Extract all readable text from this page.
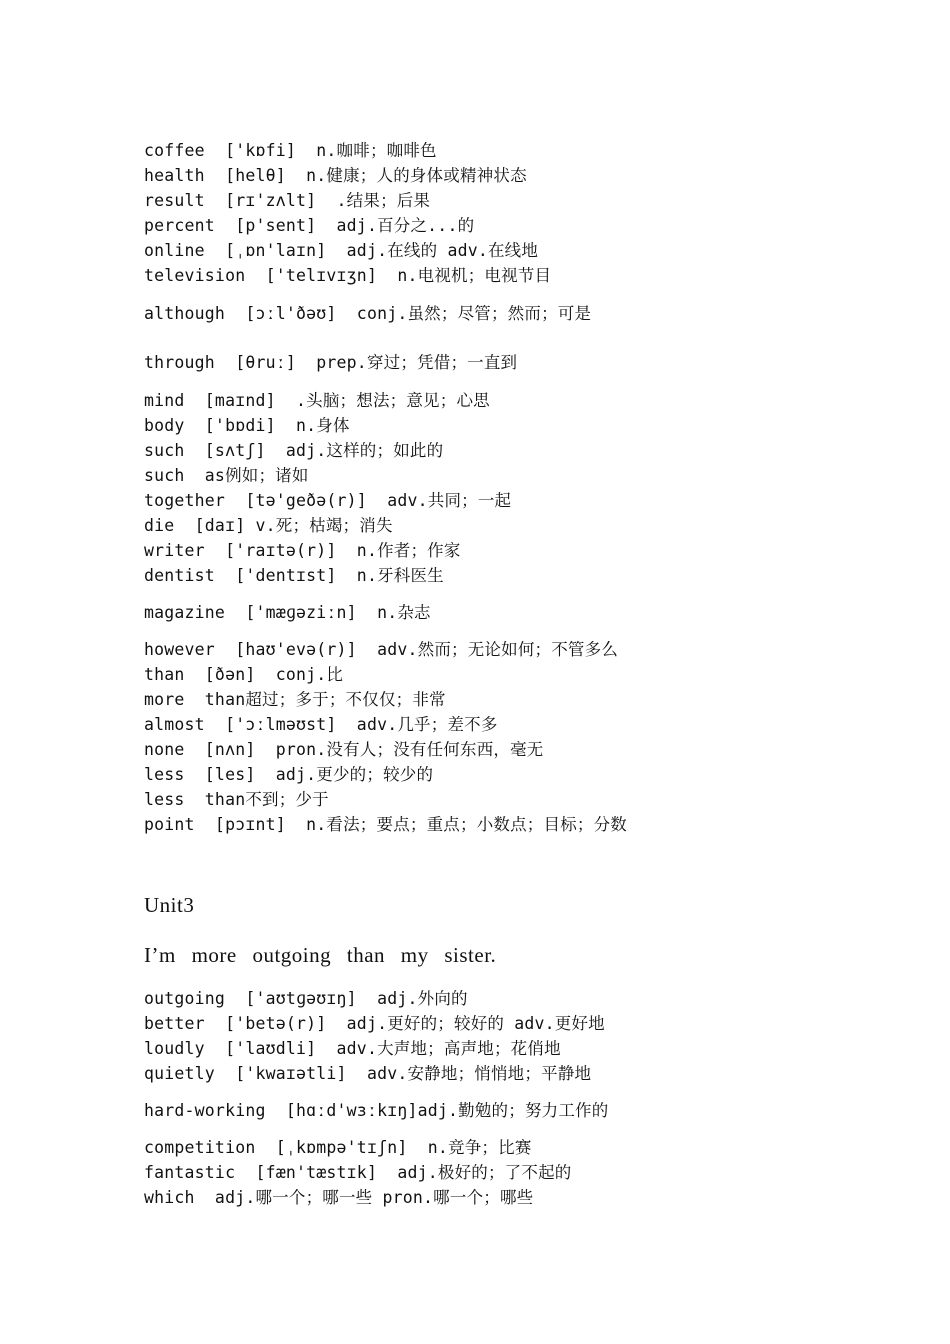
coffee  ['kɒfi]  n.咖啡；咖啡色
health  [helθ]  n.健康；人的身体或精神状态
result  [rɪ'zʌlt]  .结果；后果
percent  [p'sent]  adj.百分之...的
online  [ˌɒn'laɪn]  adj.在线的 adv.在线地
television  ['telɪvɪʒn]  n.电视机；电视节目
although  [ɔːl'ðəʊ]  conj.虽然；尽管；然而；可是
through  [θruː]  prep.穿过；凭借；一直到
mind  [maɪnd]  .头脑；想法；意见；心思
body  ['bɒdi]  n.身体
such  [sʌtʃ]  adj.这样的；如此的
such  as例如；诸如
together  [tə'geðə(r)]  adv.共同；一起
die  [daɪ] v.死；枯竭；消失
writer  ['raɪtə(r)]  n.作者；作家
dentist  ['dentɪst]  n.牙科医生
magazine  ['mæɡəziːn]  n.杂志
however  [haʊ'evə(r)]  adv.然而；无论如何；不管多么
than  [ðən]  conj.比
more  than超过；多于；不仅仅；非常
almost  ['ɔːlməʊst]  adv.几乎；差不多
none  [nʌn]  pron.没有人；没有任何东西，毫无
less  [les]  adj.更少的；较少的
less  than不到；少于
point  [pɔɪnt]  n.看法；要点；重点；小数点；目标；分数
Unit3
I’m more outgoing than my sister.
outgoing  ['aʊtɡəʊɪŋ]  adj.外向的
better  ['betə(r)]  adj.更好的；较好的 adv.更好地
loudly  ['laʊdli]  adv.大声地；高声地；花俏地
quietly  ['kwaɪətli]  adv.安静地；悄悄地；平静地
hard-working  [hɑːd'wɜːkɪŋ]adj.勤勉的；努力工作的
competition  [ˌkɒmpə'tɪʃn]  n.竞争；比赛
fantastic  [fæn'tæstɪk]  adj.极好的；了不起的
which  adj.哪一个；哪一些 pron.哪一个；哪些
